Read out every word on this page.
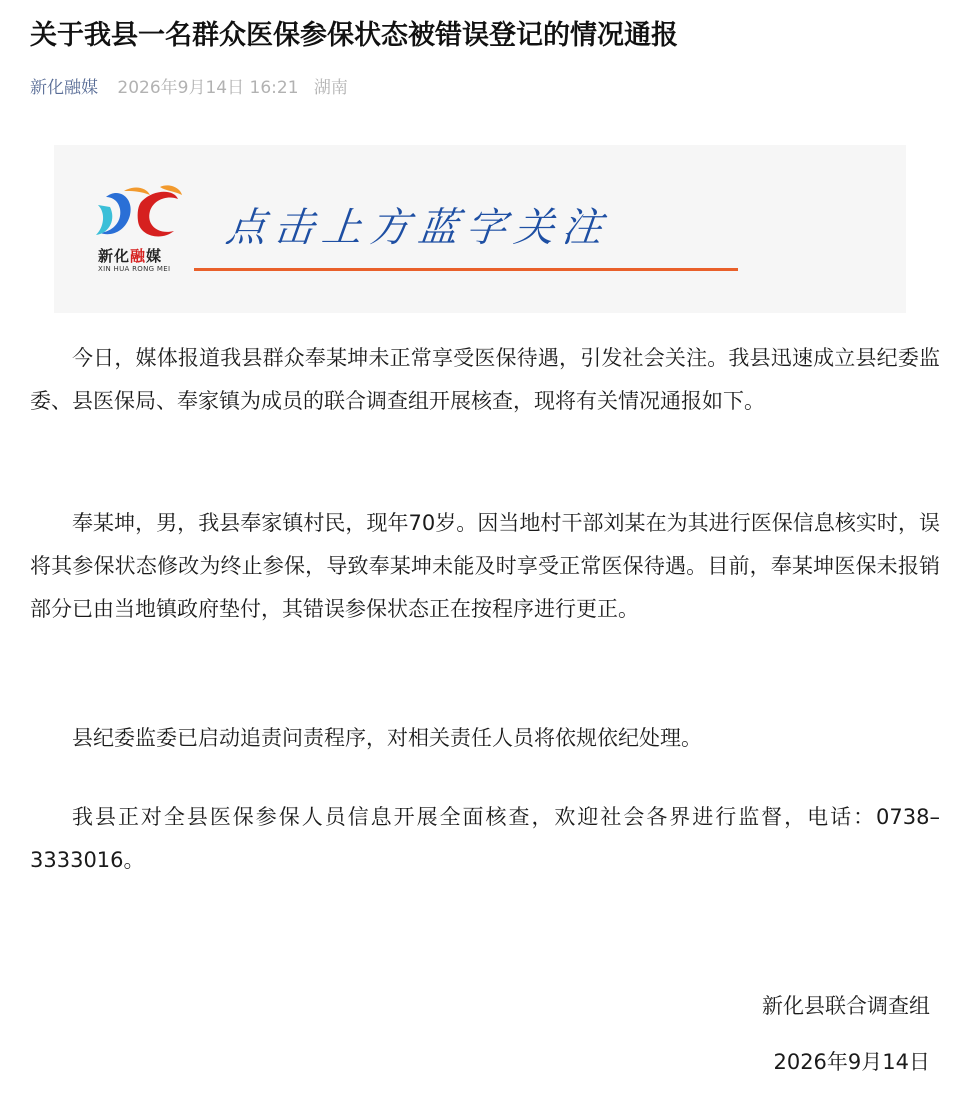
关于我县一名群众医保参保状态被错误登记的情况通报
新化融媒 2026年9月14日 16:21 湖南
新化融媒
XIN HUA RONG MEI
点击上方蓝字关注

今日，媒体报道我县群众奉某坤未正常享受医保待遇，引发社会关注。我县迅速成立县纪委监委、县医保局、奉家镇为成员的联合调查组开展核查，现将有关情况通报如下。

奉某坤，男，我县奉家镇村民，现年70岁。因当地村干部刘某在为其进行医保信息核实时，误将其参保状态修改为终止参保，导致奉某坤未能及时享受正常医保待遇。目前，奉某坤医保未报销部分已由当地镇政府垫付，其错误参保状态正在按程序进行更正。

县纪委监委已启动追责问责程序，对相关责任人员将依规依纪处理。

我县正对全县医保参保人员信息开展全面核查，欢迎社会各界进行监督，电话：0738–3333016。

新化县联合调查组
2026年9月14日
